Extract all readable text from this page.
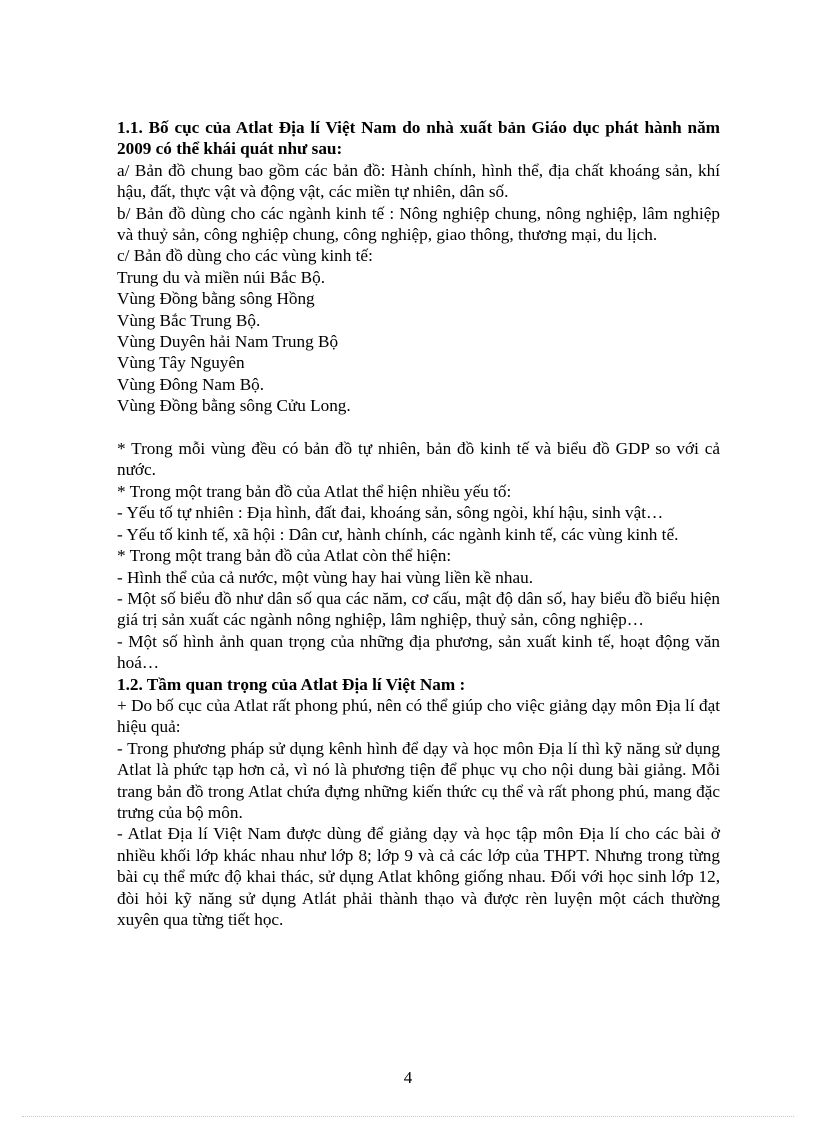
1.1. Bố cục của Atlat Địa lí Việt Nam do nhà xuất bản Giáo dục phát hành năm 2009 có thể khái quát như sau:

a/ Bản đồ chung bao gồm các bản đồ: Hành chính, hình thể, địa chất khoáng sản, khí hậu, đất, thực vật và động vật, các miền tự nhiên, dân số.

b/ Bản đồ dùng cho các ngành kinh tế : Nông nghiệp chung, nông nghiệp, lâm nghiệp và thuỷ sản, công nghiệp chung, công nghiệp, giao thông, thương mại, du lịch.

c/ Bản đồ dùng cho các vùng kinh tế:

Trung du và miền núi Bắc Bộ.

Vùng Đồng bằng sông Hồng

Vùng Bắc Trung Bộ.

Vùng Duyên hải Nam Trung Bộ

Vùng Tây Nguyên

Vùng Đông Nam Bộ.

Vùng Đồng bằng sông Cửu Long.

* Trong mỗi vùng đều có bản đồ tự nhiên, bản đồ kinh tế và biểu đồ GDP so với cả nước.

* Trong một trang bản đồ của Atlat thể hiện nhiều yếu tố:

- Yếu tố tự nhiên : Địa hình, đất đai, khoáng sản, sông ngòi, khí hậu, sinh vật…

- Yếu tố kinh tế, xã hội : Dân cư, hành chính, các ngành kinh tế, các vùng kinh tế.

* Trong một trang bản đồ của Atlat còn thể hiện:

- Hình thể của cả nước, một vùng hay hai vùng liền kề nhau.

- Một số biểu đồ như dân số qua các năm, cơ cấu, mật độ dân số, hay biểu đồ biểu hiện giá trị sản xuất các ngành nông nghiệp, lâm nghiệp, thuỷ sản, công nghiệp…

- Một số hình ảnh quan trọng của những địa phương, sản xuất kinh tế, hoạt động văn hoá…

1.2. Tầm quan trọng của Atlat Địa lí Việt Nam :

+ Do bố cục của Atlat rất phong phú, nên có thể giúp cho việc giảng dạy môn Địa lí đạt hiệu quả:

- Trong phương pháp sử dụng kênh hình để dạy và học môn Địa lí thì kỹ năng sử dụng Atlat là phức tạp hơn cả, vì nó là phương tiện để phục vụ cho nội dung bài giảng. Mỗi trang bản đồ trong Atlat chứa đựng những kiến thức cụ thể và rất phong phú, mang đặc trưng của bộ môn.

- Atlat Địa lí Việt Nam được dùng để giảng dạy và học tập môn Địa lí cho các bài ở nhiều khối lớp khác nhau như lớp 8; lớp 9 và cả các lớp của THPT. Nhưng trong từng bài cụ thể mức độ khai thác, sử dụng Atlat không giống nhau. Đối với học sinh lớp 12, đòi hỏi kỹ năng sử dụng Atlát phải thành thạo và được rèn luyện một cách thường xuyên qua từng tiết học.

4
